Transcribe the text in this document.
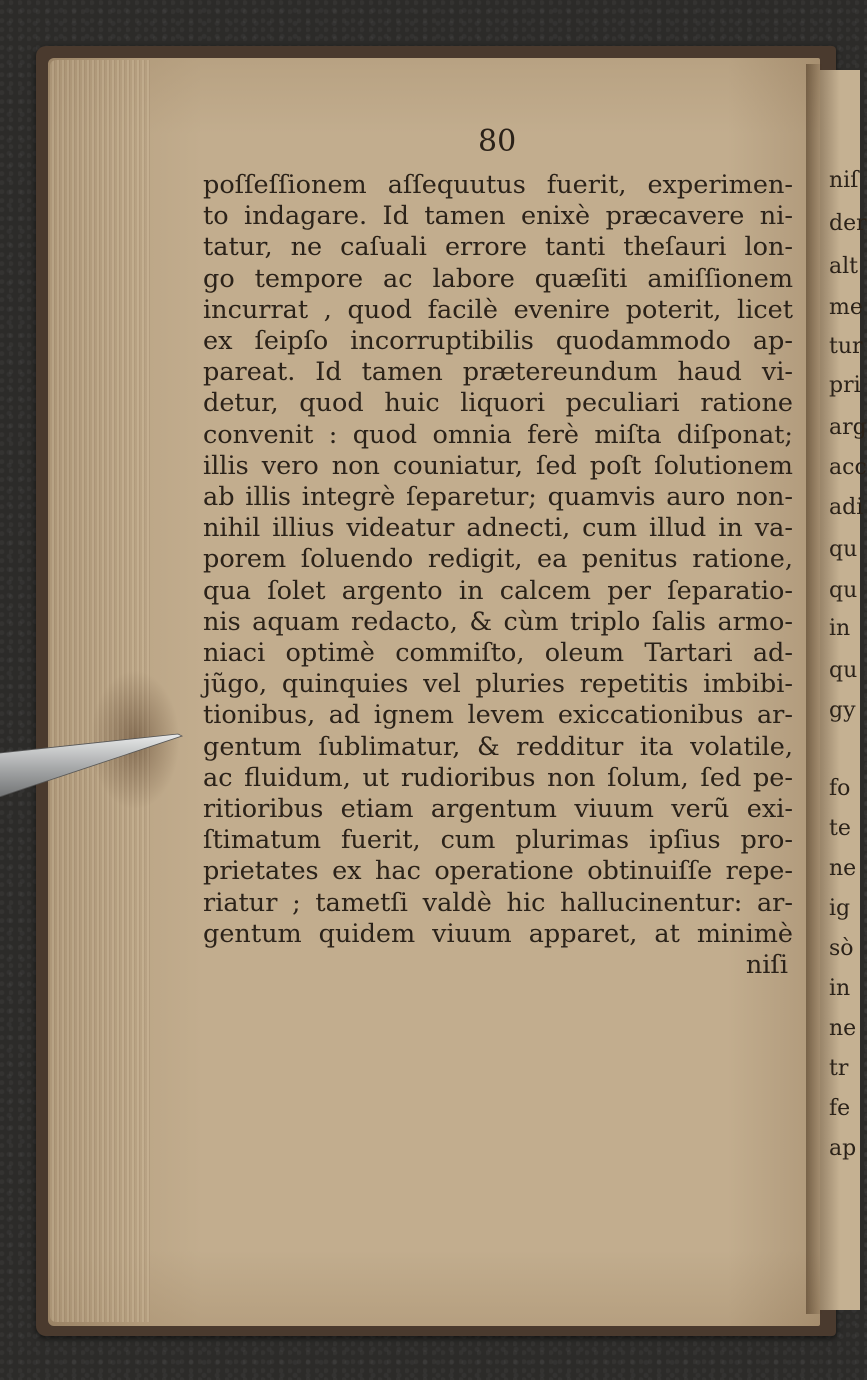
80

poſſeſſionem aſſequutus fuerit, experimen-
to indagare. Id tamen enixè præcavere ni-
tatur, ne caſuali errore tanti theſauri lon-
go tempore ac labore quæſiti amiſſionem
incurrat , quod facilè evenire poterit, licet
ex ſeipſo incorruptibilis quodammodo ap-
pareat. Id tamen prætereundum haud vi-
detur, quod huic liquori peculiari ratione
convenit : quod omnia ferè miſta diſponat;
illis vero non couniatur, ſed poſt ſolutionem
ab illis integrè ſeparetur; quamvis auro non-
nihil illius videatur adnecti, cum illud in va-
porem ſoluendo redigit, ea penitus ratione,
qua ſolet argento in calcem per ſeparatio-
nis aquam redacto, & cùm triplo ſalis armo-
niaci optimè commiſto, oleum Tartari ad-
jũgo, quinquies vel pluries repetitis imbibi-
tionibus, ad ignem levem exiccationibus ar-
gentum ſublimatur, & redditur ita volatile,
ac fluidum, ut rudioribus non ſolum, ſed pe-
ritioribus etiam argentum viuum verũ exi-
ſtimatum fuerit, cum plurimas ipſius pro-
prietates ex hac operatione obtinuiſſe repe-
riatur ; tametſi valdè hic hallucinentur: ar-
gentum quidem viuum apparet, at minimè
niſi
niſ
der
alt
me
tur
pri
arg
acc
adi
qu
qu
in
qu
gy
fo
te
ne
ig
sò
in
ne
tr
fe
ap
